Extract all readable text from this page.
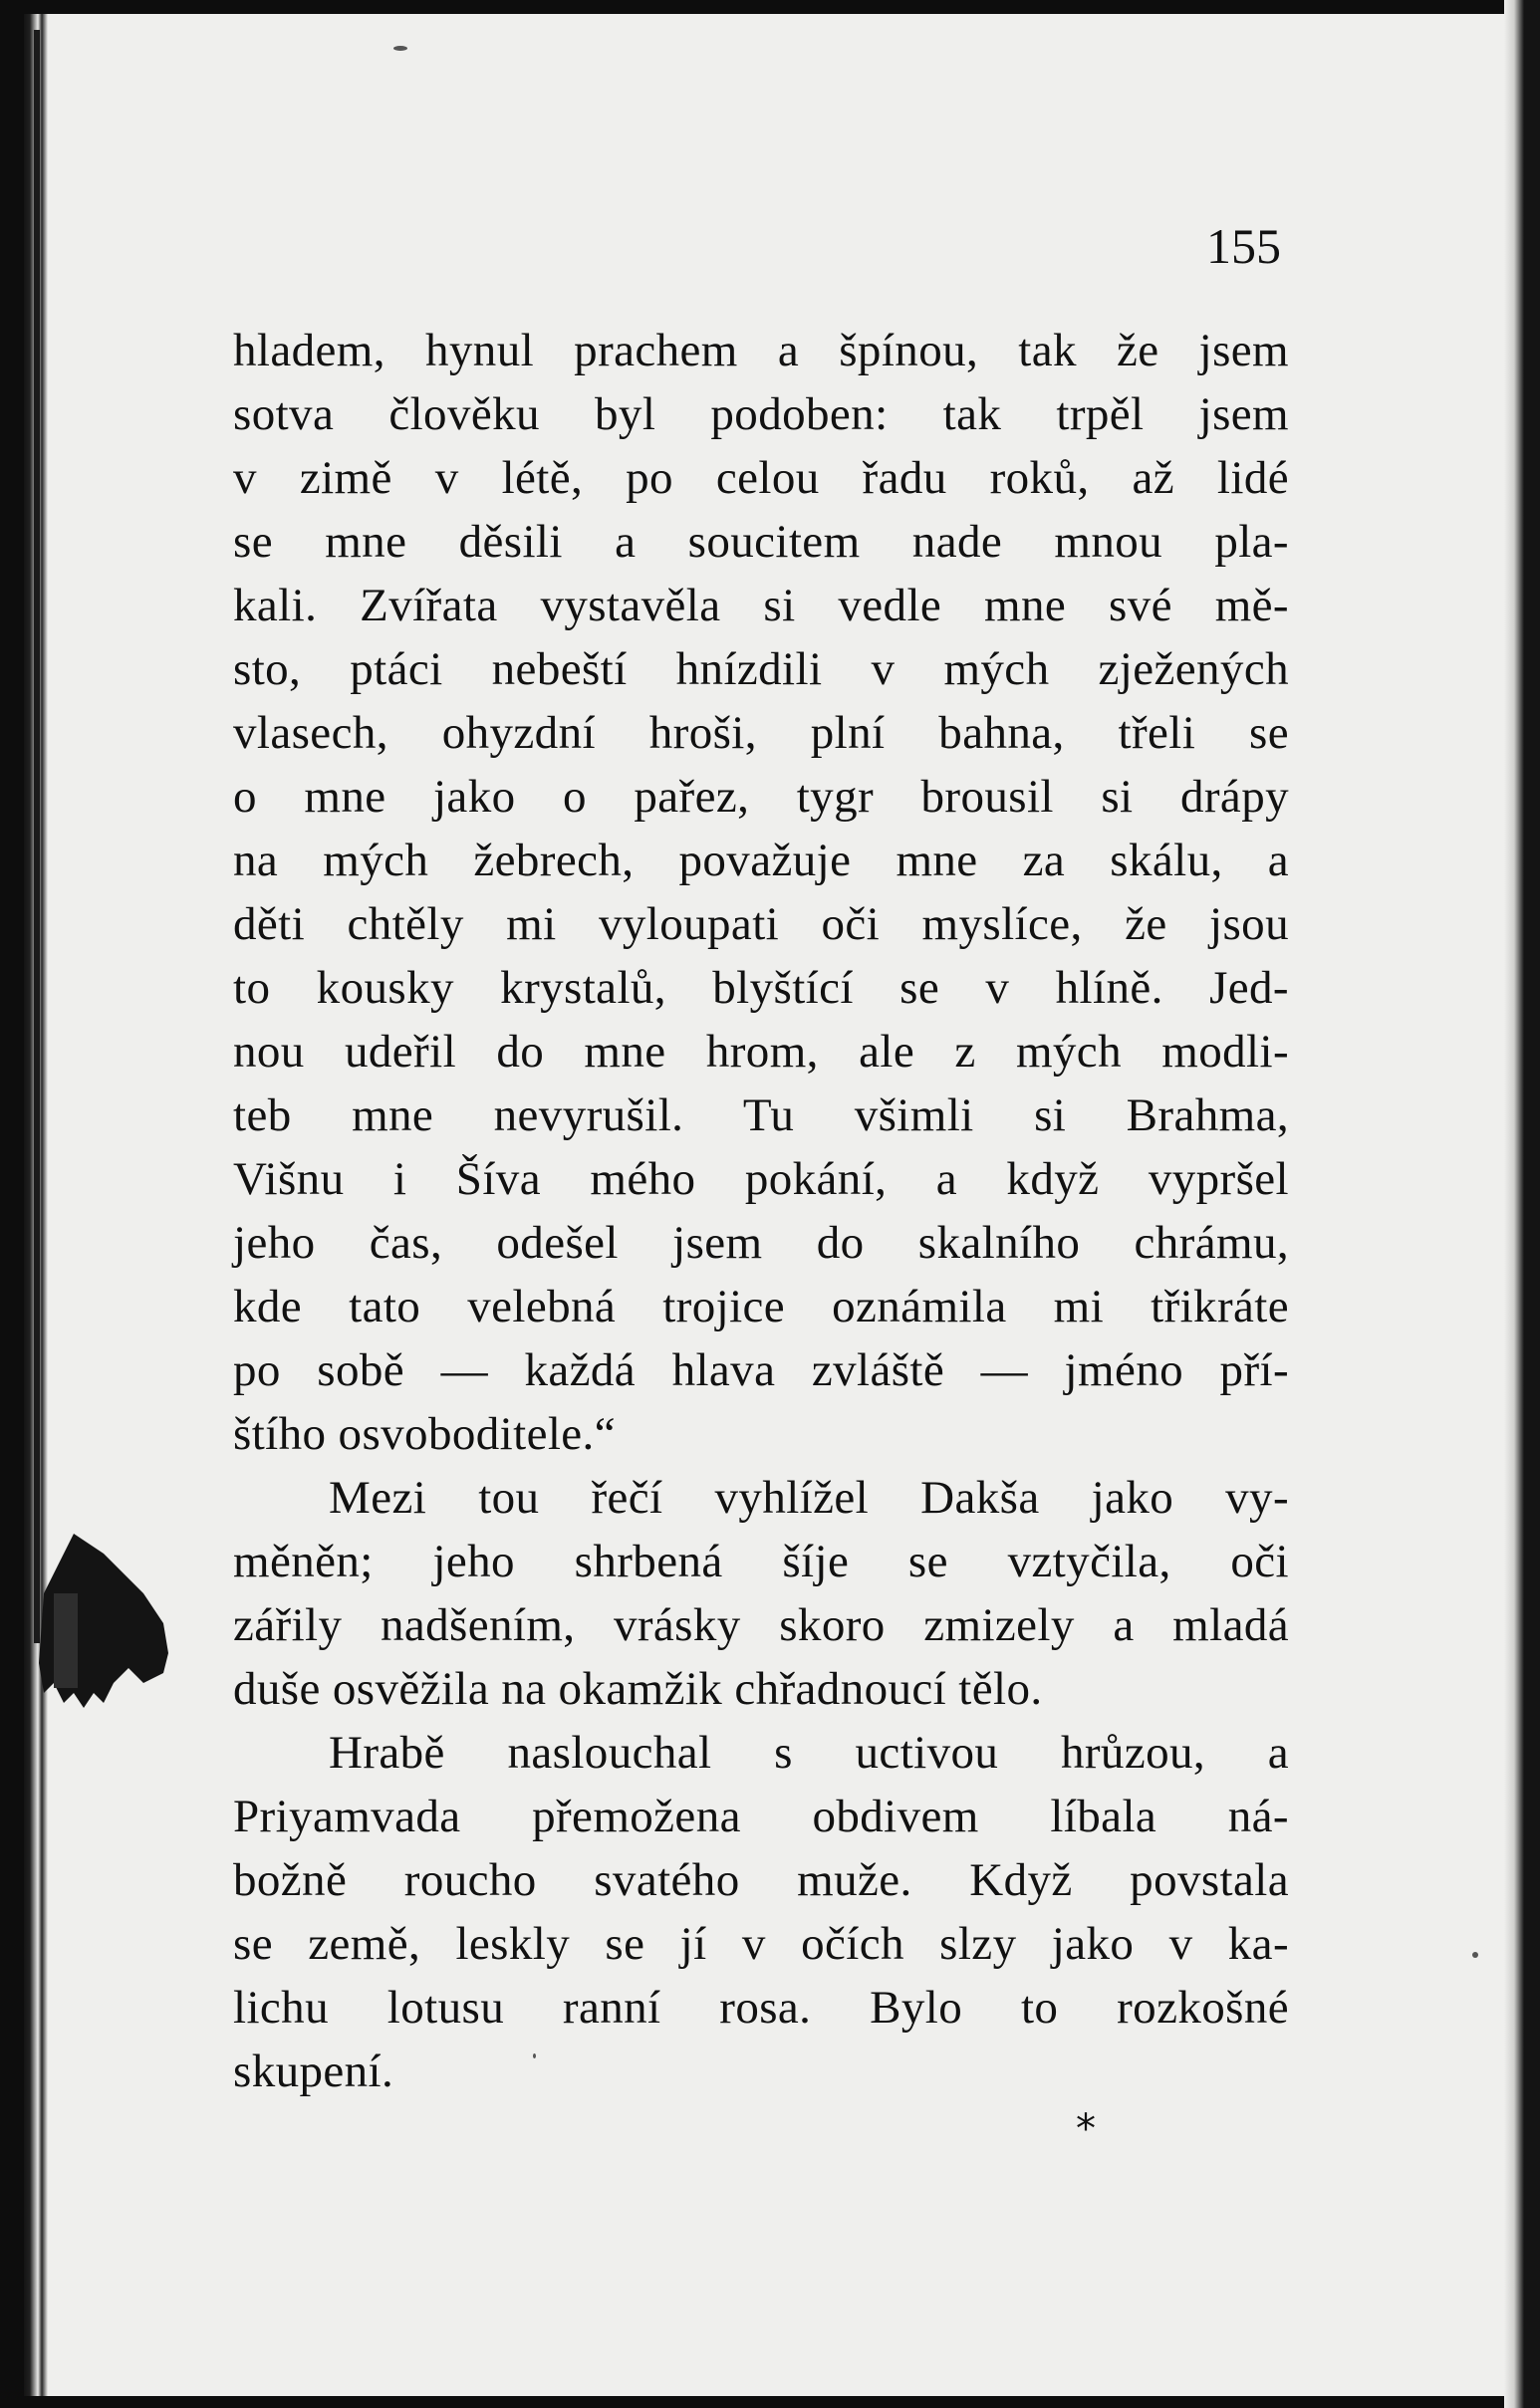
155
hladem, hynul prachem a špínou, tak že jsem
sotva člověku byl podoben: tak trpěl jsem
v zimě v létě, po celou řadu roků, až lidé
se mne děsili a soucitem nade mnou pla-
kali. Zvířata vystavěla si vedle mne své mě-
sto, ptáci nebeští hnízdili v mých zježených
vlasech, ohyzdní hroši, plní bahna, třeli se
o mne jako o pařez, tygr brousil si drápy
na mých žebrech, považuje mne za skálu, a
děti chtěly mi vyloupati oči myslíce, že jsou
to kousky krystalů, blyštící se v hlíně. Jed-
nou udeřil do mne hrom, ale z mých modli-
teb mne nevyrušil. Tu všimli si Brahma,
Višnu i Šíva mého pokání, a když vypršel
jeho čas, odešel jsem do skalního chrámu,
kde tato velebná trojice oznámila mi třikráte
po sobě — každá hlava zvláště — jméno pří-
štího osvoboditele.“
Mezi tou řečí vyhlížel Dakša jako vy-
měněn; jeho shrbená šíje se vztyčila, oči
zářily nadšením, vrásky skoro zmizely a mladá
duše osvěžila na okamžik chřadnoucí tělo.
Hrabě naslouchal s uctivou hrůzou, a
Priyamvada přemožena obdivem líbala ná-
božně roucho svatého muže. Když povstala
se země, leskly se jí v očích slzy jako v ka-
lichu lotusu ranní rosa. Bylo to rozkošné
skupení.
*
